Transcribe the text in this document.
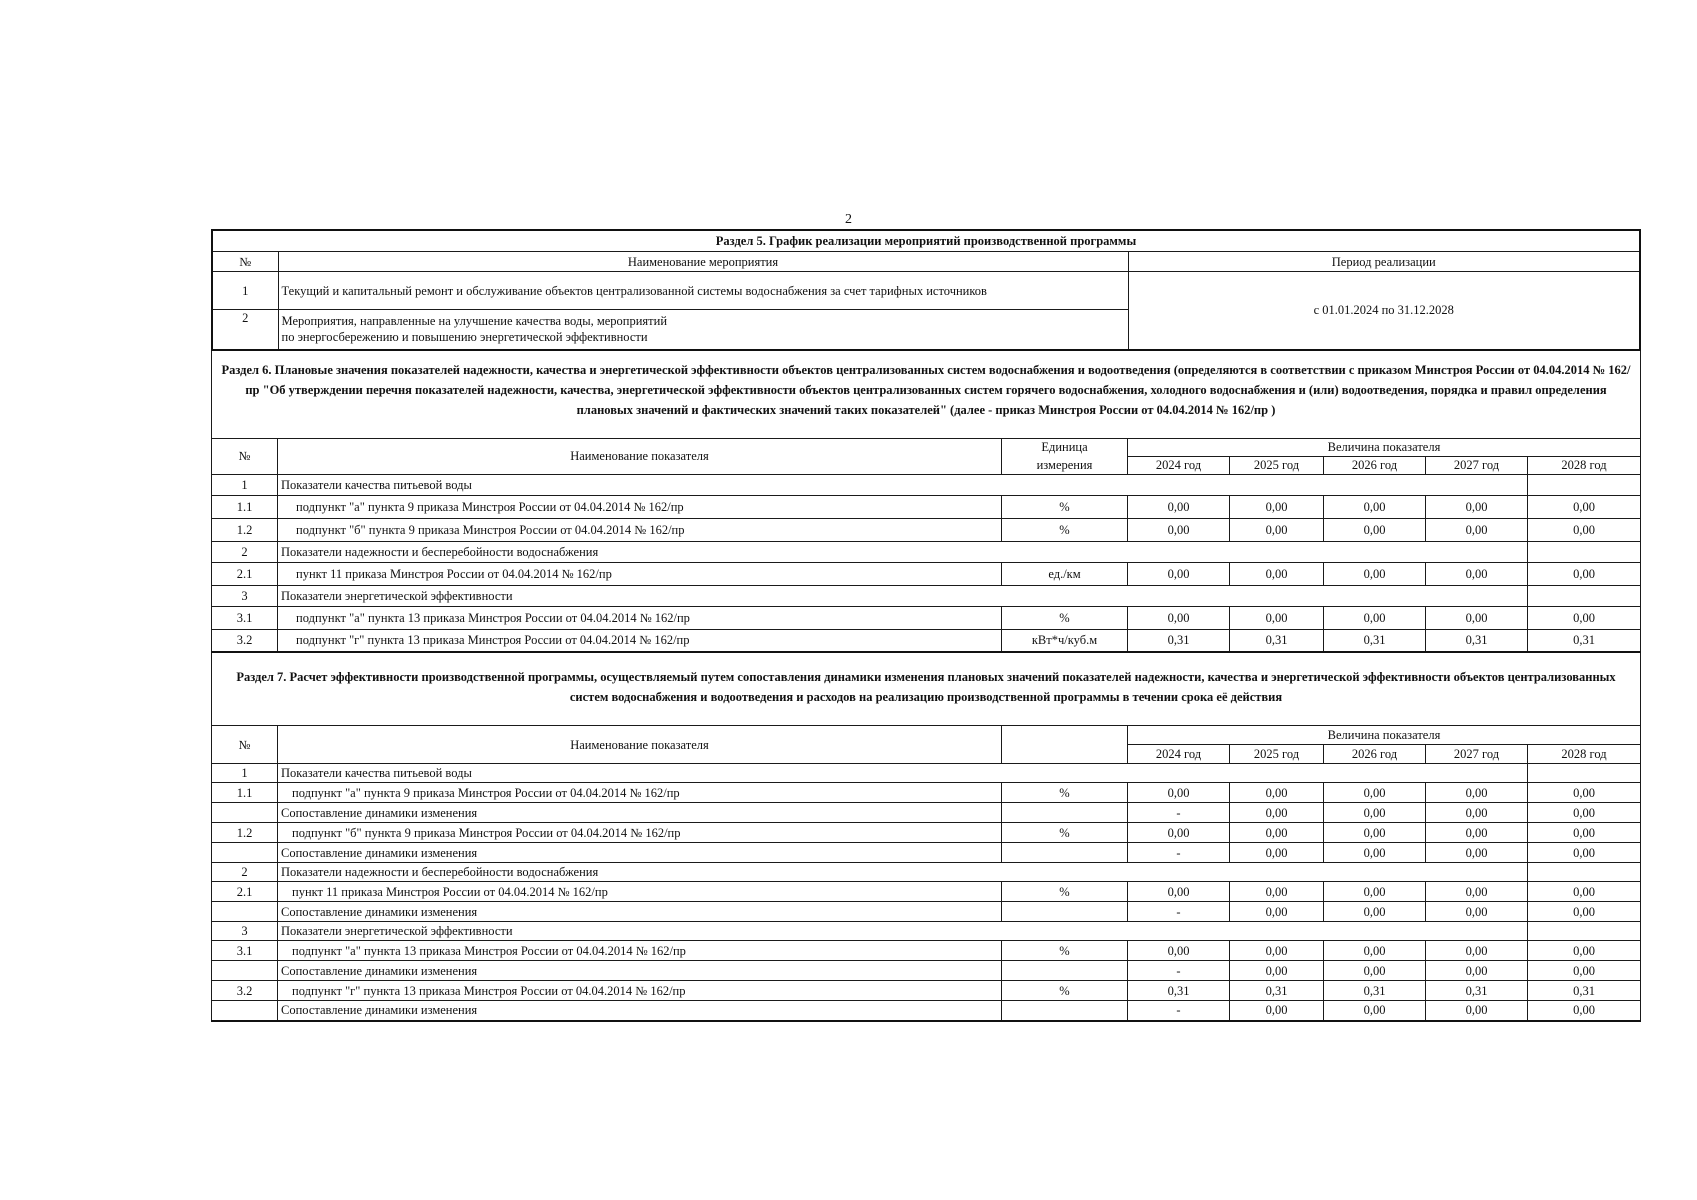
2
Раздел 5. График реализации мероприятий производственной программы		
№	Наименование мероприятия	Период реализации
1	Текущий и капитальный ремонт и обслуживание объектов централизованной системы водоснабжения за счет тарифных источников	с 01.01.2024 по 31.12.2028
2	Мероприятия, направленные на улучшение качества воды, мероприятий
по энергосбережению и повышению энергетической эффективности	
Раздел 6. Плановые значения показателей надежности, качества и энергетической эффективности объектов централизованных систем водоснабжения и водоотведения (определяются в соответствии с приказом Минстроя России от 04.04.2014 № 162/пр "Об утверждении перечня показателей надежности, качества, энергетической эффективности объектов централизованных систем горячего водоснабжения, холодного водоснабжения и (или) водоотведения, порядка и правил определения плановых значений и фактических значений таких показателей" (далее - приказ Минстроя России от 04.04.2014 № 162/пр )
№	Наименование показателя	Единица	Величина показателя				
		измерения	2024 год	2025 год	2026 год	2027 год	2028 год
1	Показатели качества питьевой воды						
1.1	подпункт "а" пункта 9 приказа Минстроя России от 04.04.2014 № 162/пр	%	0,00	0,00	0,00	0,00	0,00
1.2	подпункт "б" пункта 9 приказа Минстроя России от 04.04.2014 № 162/пр	%	0,00	0,00	0,00	0,00	0,00
2	Показатели надежности и бесперебойности водоснабжения						
2.1	пункт 11 приказа Минстроя России от 04.04.2014 № 162/пр	ед./км	0,00	0,00	0,00	0,00	0,00
3	Показатели энергетической эффективности						
3.1	подпункт "а" пункта 13 приказа Минстроя России от 04.04.2014 № 162/пр	%	0,00	0,00	0,00	0,00	0,00
3.2	подпункт "г" пункта 13 приказа Минстроя России от 04.04.2014 № 162/пр	кВт*ч/куб.м	0,31	0,31	0,31	0,31	0,31
Раздел 7. Расчет эффективности производственной программы, осуществляемый путем сопоставления динамики изменения плановых значений показателей надежности, качества и энергетической эффективности объектов централизованных систем водоснабжения и водоотведения и расходов на реализацию производственной программы в течении срока её действия
№	Наименование показателя		Величина показателя				
			2024 год	2025 год	2026 год	2027 год	2028 год
1	Показатели качества питьевой воды						
1.1	подпункт "а" пункта 9 приказа Минстроя России от 04.04.2014 № 162/пр	%	0,00	0,00	0,00	0,00	0,00
	Сопоставление динамики изменения		-	0,00	0,00	0,00	0,00
1.2	подпункт "б" пункта 9 приказа Минстроя России от 04.04.2014 № 162/пр	%	0,00	0,00	0,00	0,00	0,00
	Сопоставление динамики изменения		-	0,00	0,00	0,00	0,00
2	Показатели надежности и бесперебойности водоснабжения						
2.1	пункт 11 приказа Минстроя России от 04.04.2014 № 162/пр	%	0,00	0,00	0,00	0,00	0,00
	Сопоставление динамики изменения		-	0,00	0,00	0,00	0,00
3	Показатели энергетической эффективности						
3.1	подпункт "а" пункта 13 приказа Минстроя России от 04.04.2014 № 162/пр	%	0,00	0,00	0,00	0,00	0,00
	Сопоставление динамики изменения		-	0,00	0,00	0,00	0,00
3.2	подпункт "г" пункта 13 приказа Минстроя России от 04.04.2014 № 162/пр	%	0,31	0,31	0,31	0,31	0,31
	Сопоставление динамики изменения		-	0,00	0,00	0,00	0,00
